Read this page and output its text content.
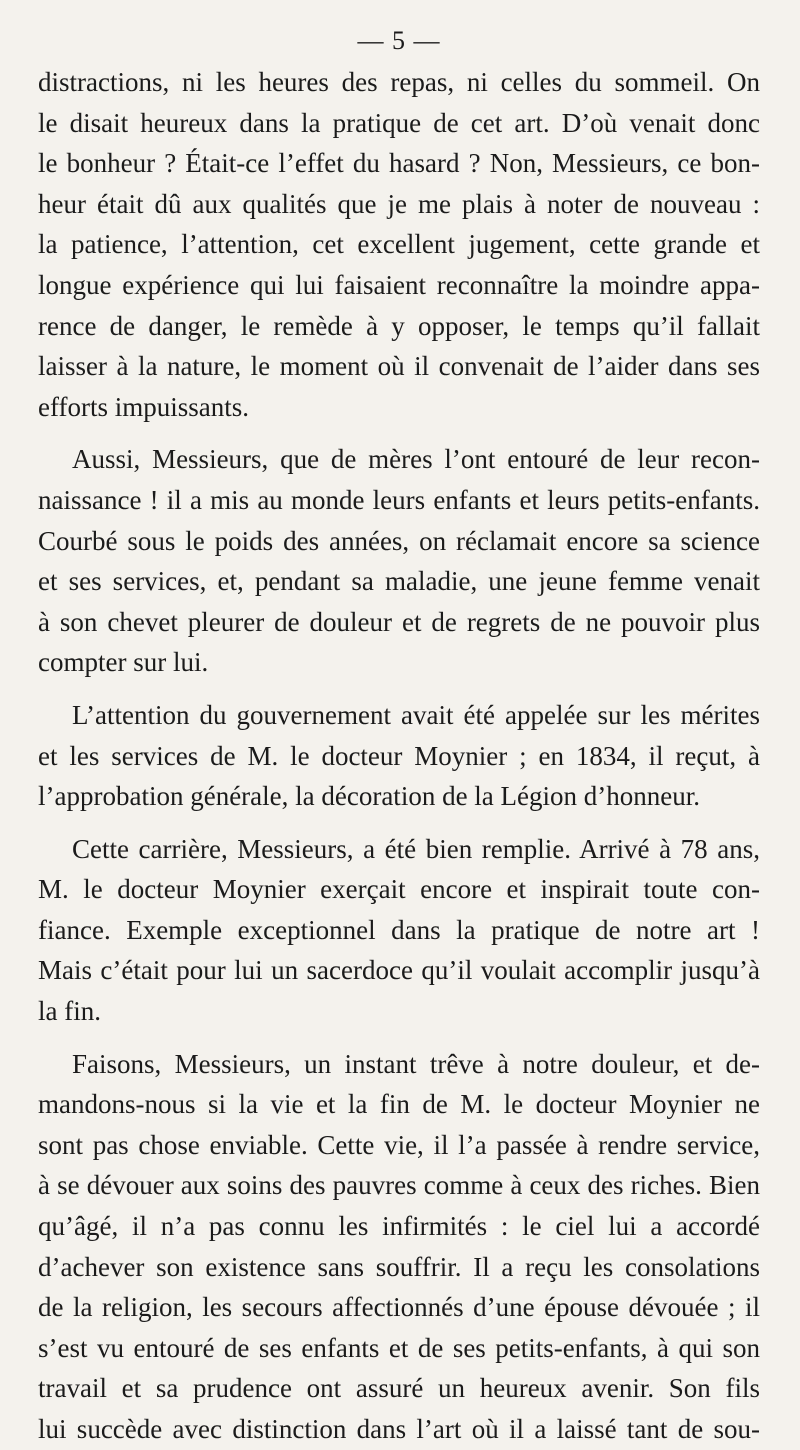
— 5 —
distractions, ni les heures des repas, ni celles du sommeil. On
le disait heureux dans la pratique de cet art. D’où venait donc
le bonheur ? Était-ce l’effet du hasard ? Non, Messieurs, ce bon-
heur était dû aux qualités que je me plais à noter de nouveau :
la patience, l’attention, cet excellent jugement, cette grande et
longue expérience qui lui faisaient reconnaître la moindre appa-
rence de danger, le remède à y opposer, le temps qu’il fallait
laisser à la nature, le moment où il convenait de l’aider dans ses
efforts impuissants.
Aussi, Messieurs, que de mères l’ont entouré de leur recon-
naissance ! il a mis au monde leurs enfants et leurs petits-enfants.
Courbé sous le poids des années, on réclamait encore sa science
et ses services, et, pendant sa maladie, une jeune femme venait
à son chevet pleurer de douleur et de regrets de ne pouvoir plus
compter sur lui.
L’attention du gouvernement avait été appelée sur les mérites
et les services de M. le docteur Moynier ; en 1834, il reçut, à
l’approbation générale, la décoration de la Légion d’honneur.
Cette carrière, Messieurs, a été bien remplie. Arrivé à 78 ans,
M. le docteur Moynier exerçait encore et inspirait toute con-
fiance. Exemple exceptionnel dans la pratique de notre art !
Mais c’était pour lui un sacerdoce qu’il voulait accomplir jusqu’à
la fin.
Faisons, Messieurs, un instant trêve à notre douleur, et de-
mandons-nous si la vie et la fin de M. le docteur Moynier ne
sont pas chose enviable. Cette vie, il l’a passée à rendre service,
à se dévouer aux soins des pauvres comme à ceux des riches. Bien
qu’âgé, il n’a pas connu les infirmités : le ciel lui a accordé
d’achever son existence sans souffrir. Il a reçu les consolations
de la religion, les secours affectionnés d’une épouse dévouée ; il
s’est vu entouré de ses enfants et de ses petits-enfants, à qui son
travail et sa prudence ont assuré un heureux avenir. Son fils
lui succède avec distinction dans l’art où il a laissé tant de sou-
